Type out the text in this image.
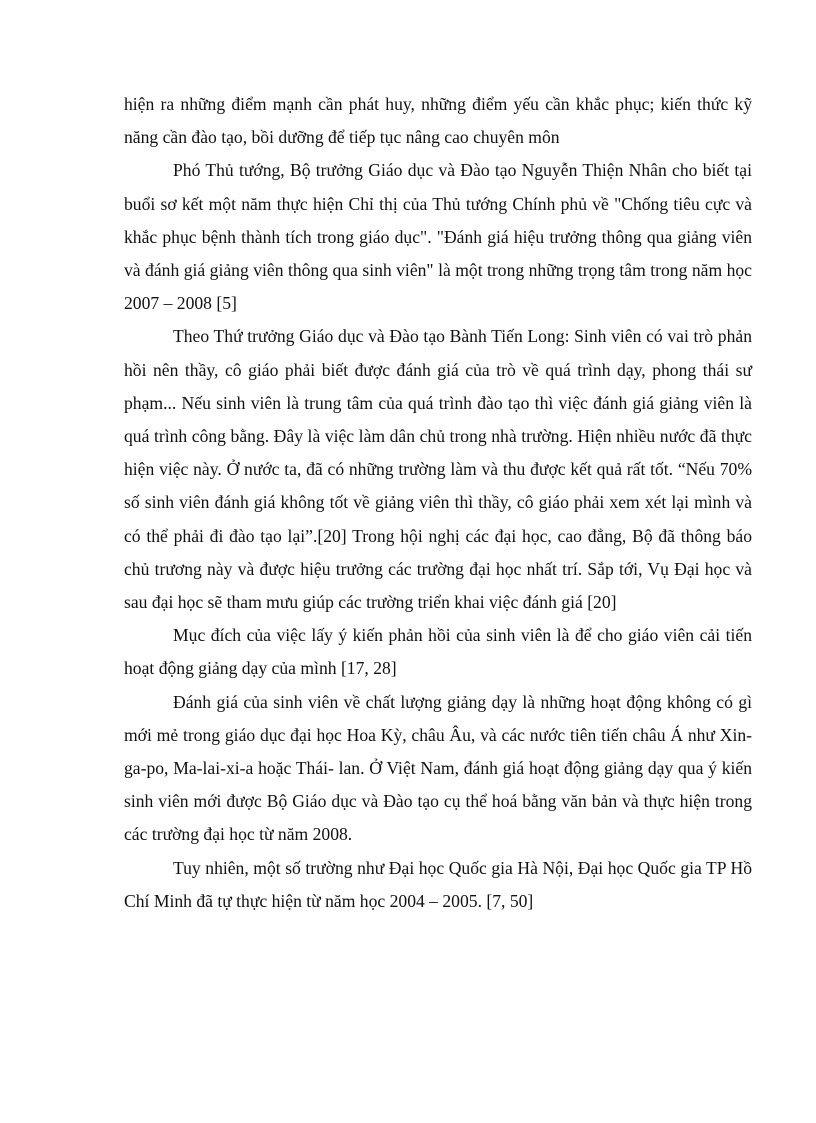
hiện ra những điểm mạnh cần phát huy, những điểm yếu cần khắc phục; kiến thức kỹ năng cần đào tạo, bồi dưỡng để tiếp tục nâng cao chuyên môn

Phó Thủ tướng, Bộ trưởng Giáo dục và Đào tạo Nguyễn Thiện Nhân cho biết tại buổi sơ kết một năm thực hiện Chỉ thị của Thủ tướng Chính phủ về "Chống tiêu cực và khắc phục bệnh thành tích trong giáo dục". "Đánh giá hiệu trưởng thông qua giảng viên và đánh giá giảng viên thông qua sinh viên" là một trong những trọng tâm trong năm học 2007 – 2008 [5]

Theo Thứ trưởng Giáo dục và Đào tạo Bành Tiến Long: Sinh viên có vai trò phản hồi nên thầy, cô giáo phải biết được đánh giá của trò về quá trình dạy, phong thái sư phạm... Nếu sinh viên là trung tâm của quá trình đào tạo thì việc đánh giá giảng viên là quá trình công bằng. Đây là việc làm dân chủ trong nhà trường. Hiện nhiều nước đã thực hiện việc này. Ở nước ta, đã có những trường làm và thu được kết quả rất tốt. “Nếu 70% số sinh viên đánh giá không tốt về giảng viên thì thầy, cô giáo phải xem xét lại mình và có thể phải đi đào tạo lại”.[20] Trong hội nghị các đại học, cao đẳng, Bộ đã thông báo chủ trương này và được hiệu trưởng các trường đại học nhất trí. Sắp tới, Vụ Đại học và sau đại học sẽ tham mưu giúp các trường triển khai việc đánh giá [20]

Mục đích của việc lấy ý kiến phản hồi của sinh viên là để cho giáo viên cải tiến hoạt động giảng dạy của mình [17, 28]

Đánh giá của sinh viên về chất lượng giảng dạy là những hoạt động không có gì mới mẻ trong giáo dục đại học Hoa Kỳ, châu Âu, và các nước tiên tiến châu Á như Xin-ga-po, Ma-lai-xi-a hoặc Thái- lan. Ở Việt Nam, đánh giá hoạt động giảng dạy qua ý kiến sinh viên mới được Bộ Giáo dục và Đào tạo cụ thể hoá bằng văn bản và thực hiện trong các trường đại học từ năm 2008.

Tuy nhiên, một số trường như Đại học Quốc gia Hà Nội, Đại học Quốc gia TP Hồ Chí Minh đã tự thực hiện từ năm học 2004 – 2005. [7, 50]
